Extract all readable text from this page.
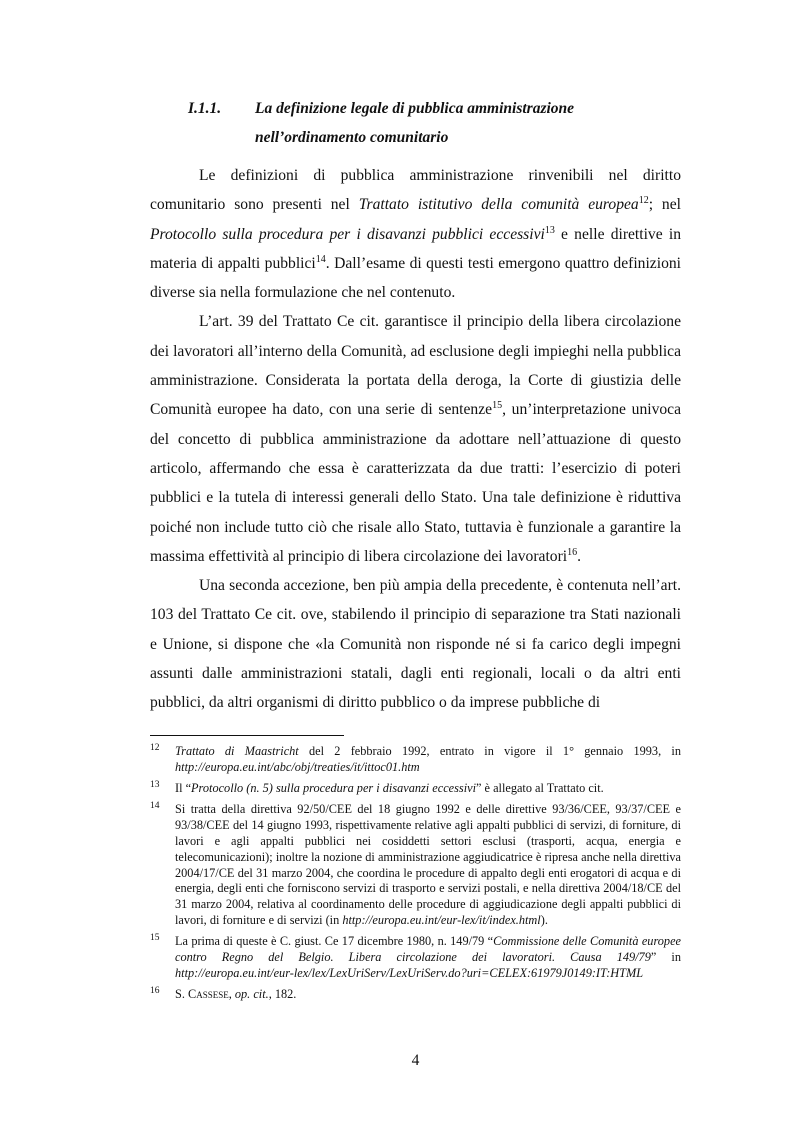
I.1.1. La definizione legale di pubblica amministrazione
nell’ordinamento comunitario

Le definizioni di pubblica amministrazione rinvenibili nel diritto comunitario sono presenti nel Trattato istitutivo della comunità europea$^{12}$; nel Protocollo sulla procedura per i disavanzi pubblici eccessivi$^{13}$ e nelle direttive in materia di appalti pubblici$^{14}$. Dall’esame di questi testi emergono quattro definizioni diverse sia nella formulazione che nel contenuto.

L’art. 39 del Trattato Ce cit. garantisce il principio della libera circolazione dei lavoratori all’interno della Comunità, ad esclusione degli impieghi nella pubblica amministrazione. Considerata la portata della deroga, la Corte di giustizia delle Comunità europee ha dato, con una serie di sentenze$^{15}$, un’interpretazione univoca del concetto di pubblica amministrazione da adottare nell’attuazione di questo articolo, affermando che essa è caratterizzata da due tratti: l’esercizio di poteri pubblici e la tutela di interessi generali dello Stato. Una tale definizione è riduttiva poiché non include tutto ciò che risale allo Stato, tuttavia è funzionale a garantire la massima effettività al principio di libera circolazione dei lavoratori$^{16}$.

Una seconda accezione, ben più ampia della precedente, è contenuta nell’art. 103 del Trattato Ce cit. ove, stabilendo il principio di separazione tra Stati nazionali e Unione, si dispone che «la Comunità non risponde né si fa carico degli impegni assunti dalle amministrazioni statali, dagli enti regionali, locali o da altri enti pubblici, da altri organismi di diritto pubblico o da imprese pubbliche di

12 Trattato di Maastricht del 2 febbraio 1992, entrato in vigore il 1° gennaio 1993, in http://europa.eu.int/abc/obj/treaties/it/ittoc01.htm
13 Il “Protocollo (n. 5) sulla procedura per i disavanzi eccessivi” è allegato al Trattato cit.
14 Si tratta della direttiva 92/50/CEE del 18 giugno 1992 e delle direttive 93/36/CEE, 93/37/CEE e 93/38/CEE del 14 giugno 1993, rispettivamente relative agli appalti pubblici di servizi, di forniture, di lavori e agli appalti pubblici nei cosiddetti settori esclusi (trasporti, acqua, energia e telecomunicazioni); inoltre la nozione di amministrazione aggiudicatrice è ripresa anche nella direttiva 2004/17/CE del 31 marzo 2004, che coordina le procedure di appalto degli enti erogatori di acqua e di energia, degli enti che forniscono servizi di trasporto e servizi postali, e nella direttiva 2004/18/CE del 31 marzo 2004, relativa al coordinamento delle procedure di aggiudicazione degli appalti pubblici di lavori, di forniture e di servizi (in http://europa.eu.int/eur-lex/it/index.html).
15 La prima di queste è C. giust. Ce 17 dicembre 1980, n. 149/79 “Commissione delle Comunità europee contro Regno del Belgio. Libera circolazione dei lavoratori. Causa 149/79” in http://europa.eu.int/eur-lex/lex/LexUriServ/LexUriServ.do?uri=CELEX:61979J0149:IT:HTML
16 S. Cassese, op. cit., 182.
4
